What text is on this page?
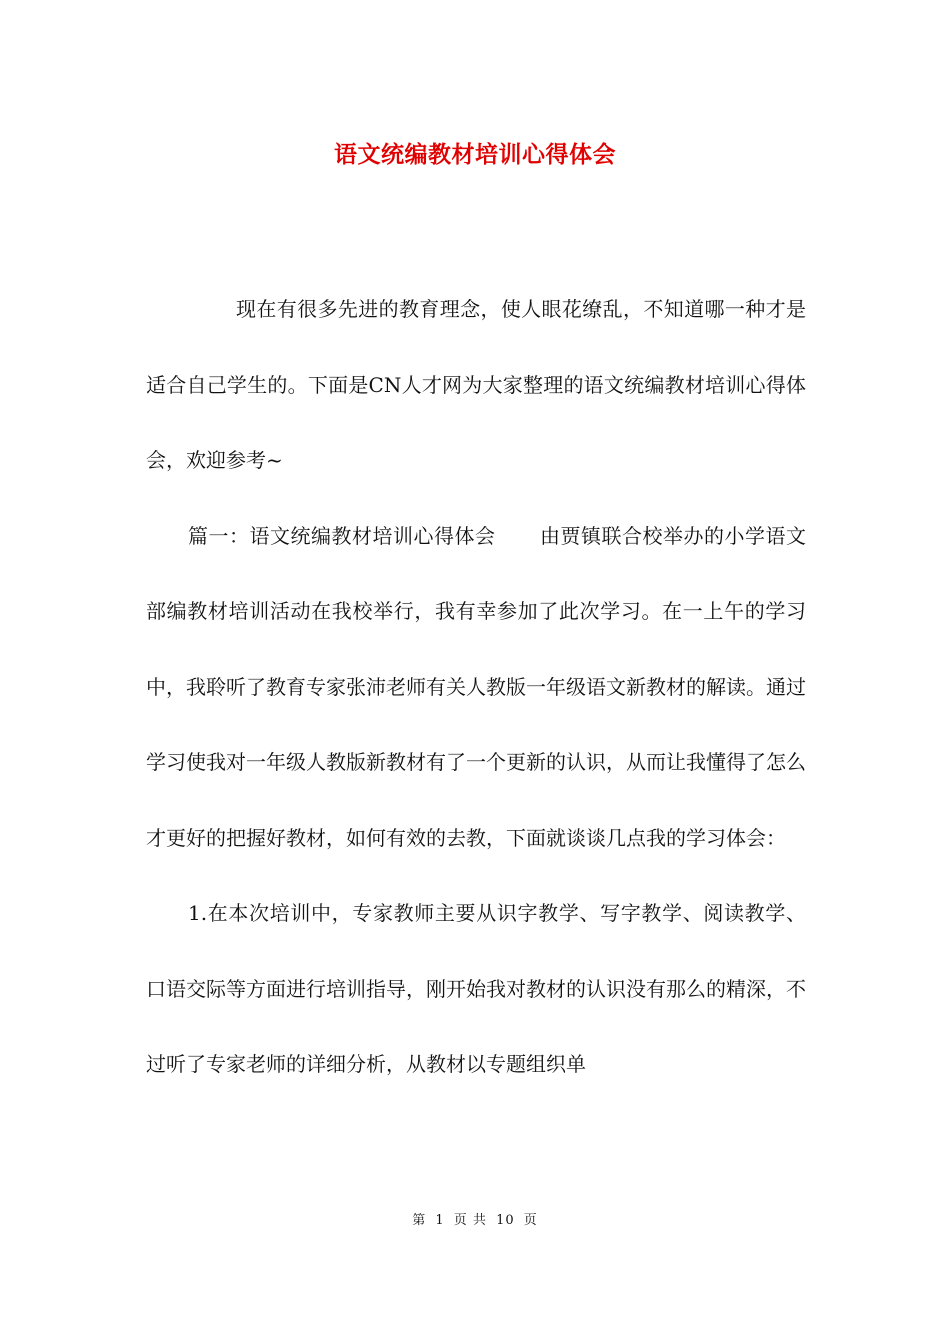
语文统编教材培训心得体会

现在有很多先进的教育理念，使人眼花缭乱，不知道哪一种才是适合自己学生的。下面是CN人才网为大家整理的语文统编教材培训心得体会，欢迎参考~

篇一：语文统编教材培训心得体会 由贾镇联合校举办的小学语文部编教材培训活动在我校举行，我有幸参加了此次学习。在一上午的学习中，我聆听了教育专家张沛老师有关人教版一年级语文新教材的解读。通过学习使我对一年级人教版新教材有了一个更新的认识，从而让我懂得了怎么才更好的把握好教材，如何有效的去教，下面就谈谈几点我的学习体会：

1.在本次培训中，专家教师主要从识字教学、写字教学、阅读教学、口语交际等方面进行培训指导，刚开始我对教材的认识没有那么的精深，不过听了专家老师的详细分析，从教材以专题组织单

第 1 页 共 10 页
